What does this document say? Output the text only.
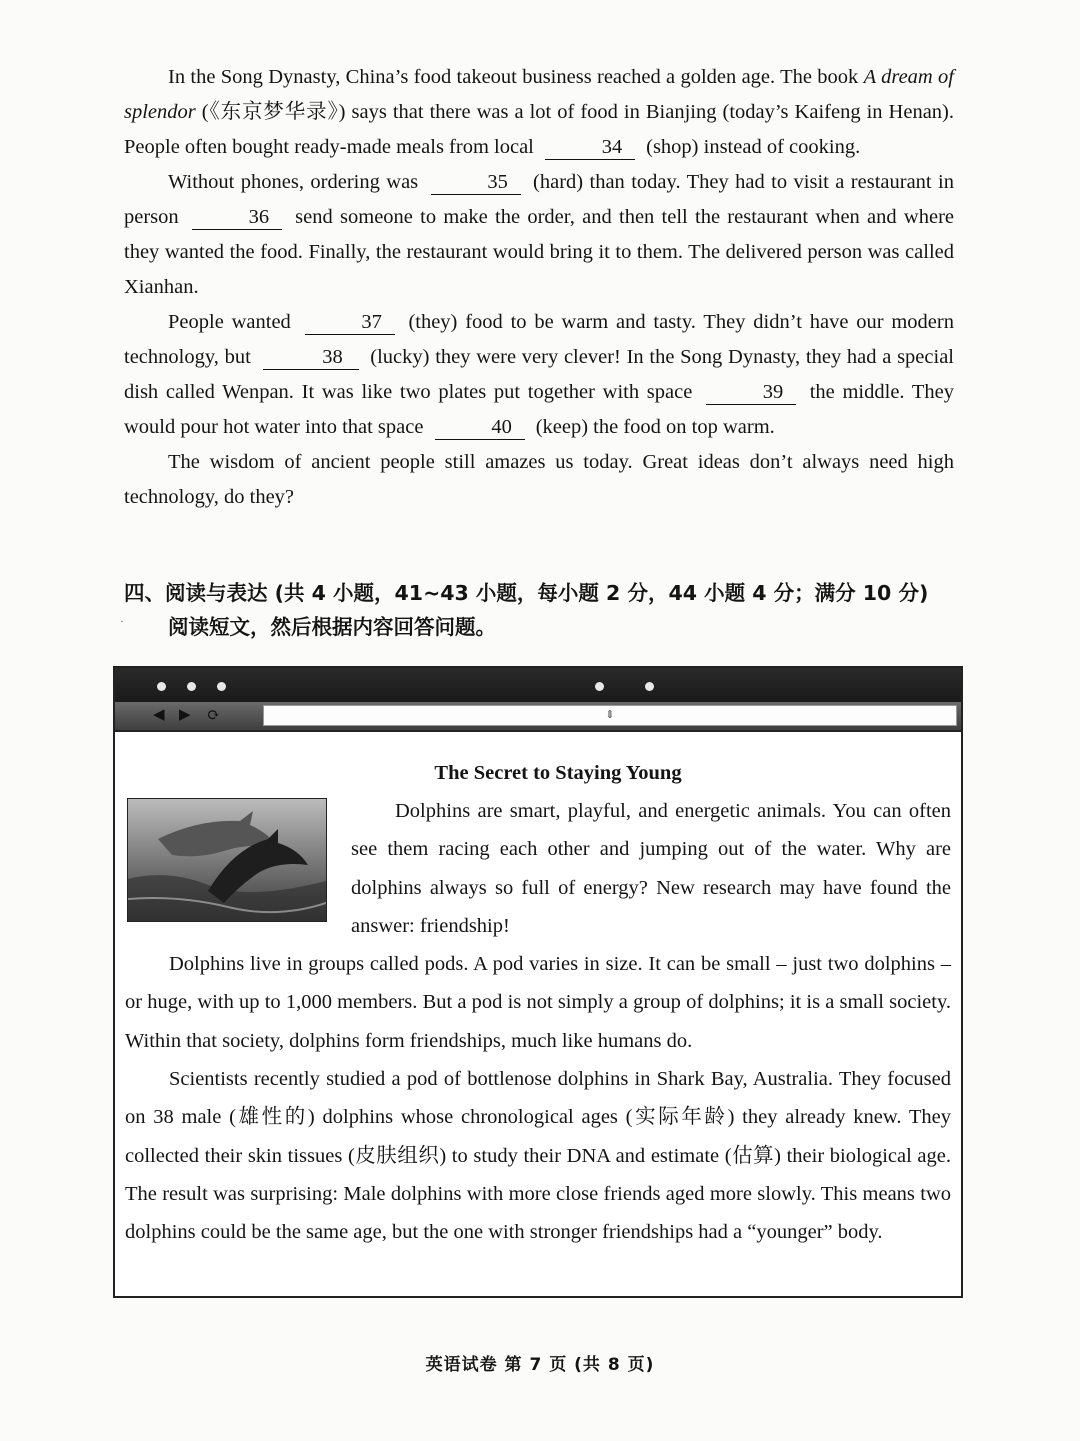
In the Song Dynasty, China’s food takeout business reached a golden age. The book A dream of splendor (《东京梦华录》) says that there was a lot of food in Bianjing (today’s Kaifeng in Henan). People often bought ready-made meals from local	34 (shop) instead of cooking.

Without phones, ordering was	35 (hard) than today. They had to visit a restaurant in person	36 send someone to make the order, and then tell the restaurant when and where they wanted the food. Finally, the restaurant would bring it to them. The delivered person was called Xianhan.

People wanted	37 (they) food to be warm and tasty. They didn’t have our modern technology, but	38 (lucky) they were very clever! In the Song Dynasty, they had a special dish called Wenpan. It was like two plates put together with space	39 the middle. They would pour hot water into that space	40 (keep) the food on top warm.

The wisdom of ancient people still amazes us today. Great ideas don’t always need high technology, do they?

四、阅读与表达 (共 4 小题，41~43 小题，每小题 2 分，44 小题 4 分；满分 10 分)
阅读短文，然后根据内容回答问题。
·
◀ ▶ ⟳	⇕
The Secret to Staying Young

Dolphins are smart, playful, and energetic animals. You can often see them racing each other and jumping out of the water. Why are dolphins always so full of energy? New research may have found the answer: friendship!

Dolphins live in groups called pods. A pod varies in size. It can be small – just two dolphins – or huge, with up to 1,000 members. But a pod is not simply a group of dolphins; it is a small society. Within that society, dolphins form friendships, much like humans do.

Scientists recently studied a pod of bottlenose dolphins in Shark Bay, Australia. They focused on 38 male (雄性的) dolphins whose chronological ages (实际年龄) they already knew. They collected their skin tissues (皮肤组织) to study their DNA and estimate (估算) their biological age. The result was surprising: Male dolphins with more close friends aged more slowly. This means two dolphins could be the same age, but the one with stronger friendships had a “younger” body.

英语试卷 第 7 页 (共 8 页)
